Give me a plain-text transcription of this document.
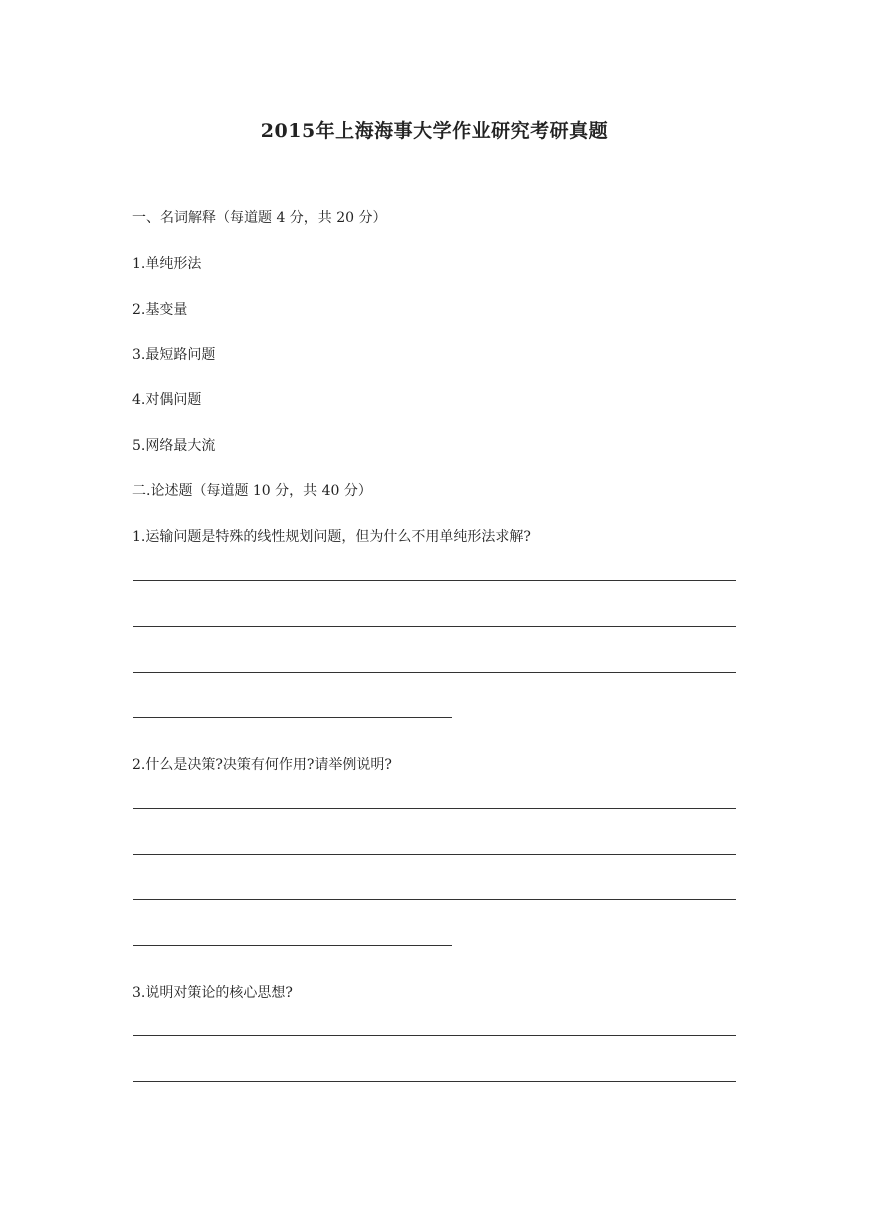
2015年上海海事大学作业研究考研真题
一、名词解释（每道题 4 分，共 20 分）
1.单纯形法
2.基变量
3.最短路问题
4.对偶问题
5.网络最大流
二.论述题（每道题 10 分，共 40 分）
1.运输问题是特殊的线性规划问题，但为什么不用单纯形法求解?
2.什么是决策?决策有何作用?请举例说明?
3.说明对策论的核心思想?
